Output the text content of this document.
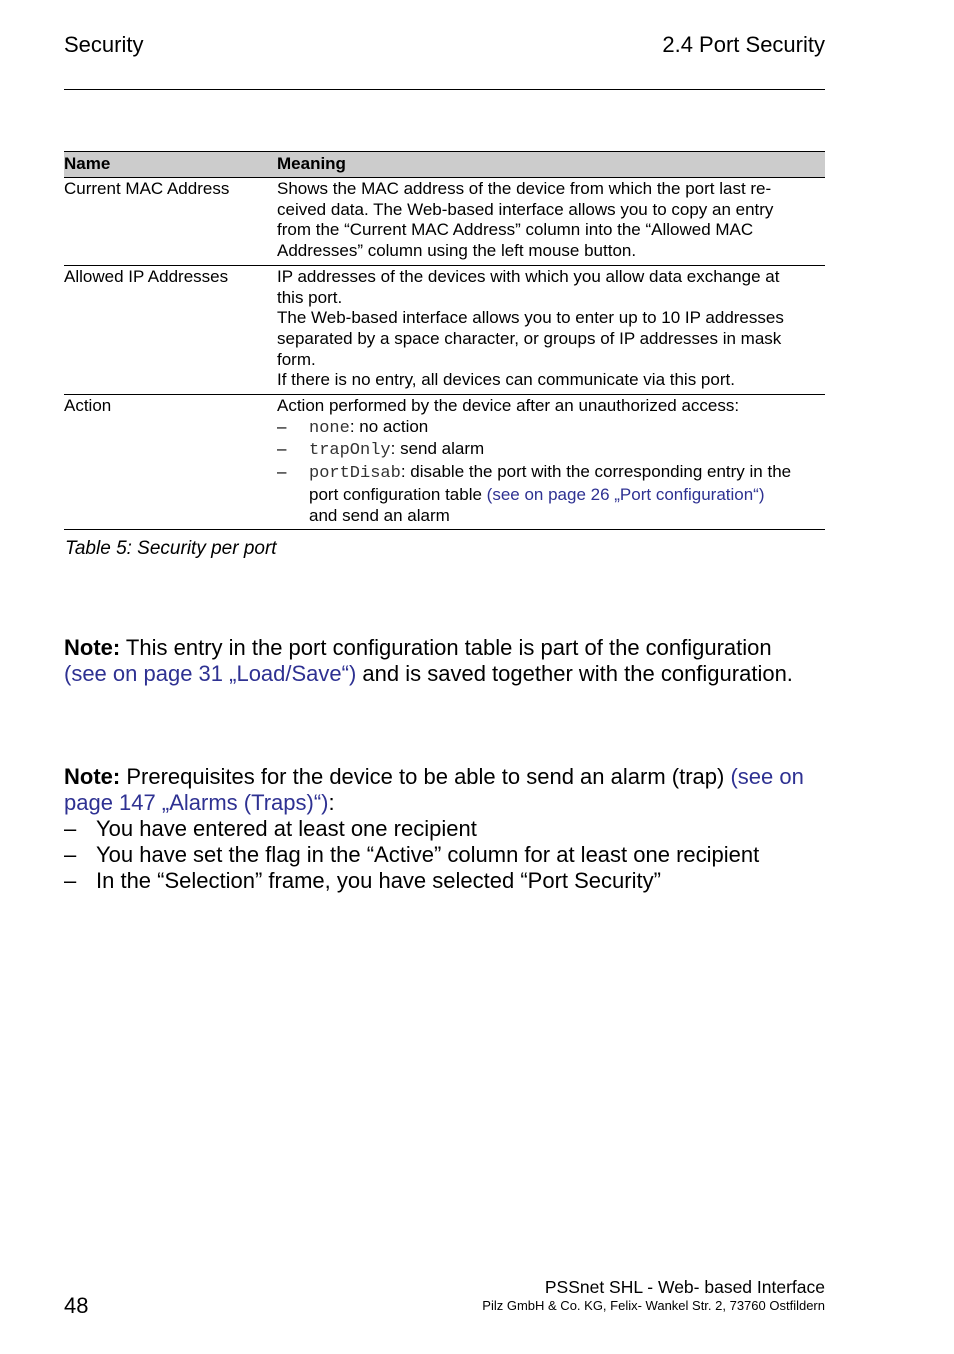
Security	2.4 Port Security
Name	Meaning
Current MAC Address	Shows the MAC address of the device from which the port last re-
ceived data. The Web-based interface allows you to copy an entry
from the “Current MAC Address” column into the “Allowed MAC
Addresses” column using the left mouse button.
Allowed IP Addresses	IP addresses of the devices with which you allow data exchange at
this port.
The Web-based interface allows you to enter up to 10 IP addresses
separated by a space character, or groups of IP addresses in mask
form.
If there is no entry, all devices can communicate via this port.
Action	Action performed by the device after an unauthorized access:
–	none: no action
–	trapOnly: send alarm
–	portDisab: disable the port with the corresponding entry in the
port configuration table (see on page 26 „Port configuration“)
and send an alarm
Table 5: Security per port
Note: This entry in the port configuration table is part of the configuration
(see on page 31 „Load/Save“) and is saved together with the configuration.
Note: Prerequisites for the device to be able to send an alarm (trap) (see on
page 147 „Alarms (Traps)“):
– You have entered at least one recipient
– You have set the flag in the “Active” column for at least one recipient
– In the “Selection” frame, you have selected “Port Security”
48
PSSnet SHL - Web- based Interface
Pilz GmbH & Co. KG, Felix- Wankel Str. 2, 73760 Ostfildern
